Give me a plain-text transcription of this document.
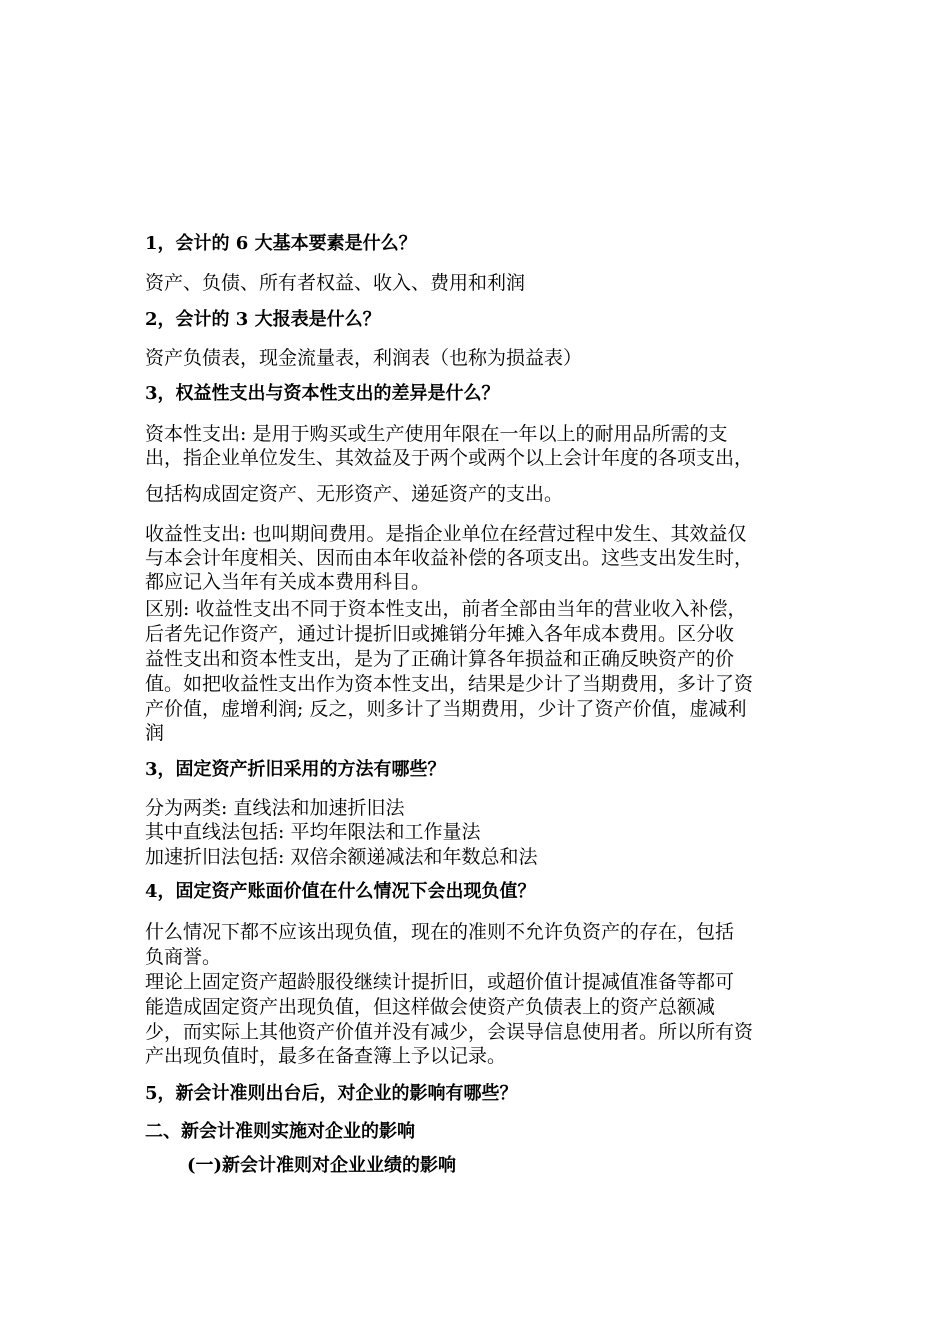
1，会计的 6 大基本要素是什么？
资产、负债、所有者权益、收入、费用和利润
2，会计的 3 大报表是什么？
资产负债表，现金流量表，利润表（也称为损益表）
3，权益性支出与资本性支出的差异是什么？
资本性支出: 是用于购买或生产使用年限在一年以上的耐用品所需的支
出，指企业单位发生、其效益及于两个或两个以上会计年度的各项支出，
包括构成固定资产、无形资产、递延资产的支出。
收益性支出: 也叫期间费用。是指企业单位在经营过程中发生、其效益仅
与本会计年度相关、因而由本年收益补偿的各项支出。这些支出发生时，
都应记入当年有关成本费用科目。
区别: 收益性支出不同于资本性支出，前者全部由当年的营业收入补偿，
后者先记作资产，通过计提折旧或摊销分年摊入各年成本费用。区分收
益性支出和资本性支出，是为了正确计算各年损益和正确反映资产的价
值。如把收益性支出作为资本性支出，结果是少计了当期费用，多计了资
产价值，虚增利润; 反之，则多计了当期费用，少计了资产价值，虚减利
润
3，固定资产折旧采用的方法有哪些？
分为两类: 直线法和加速折旧法
其中直线法包括: 平均年限法和工作量法
加速折旧法包括: 双倍余额递减法和年数总和法
4，固定资产账面价值在什么情况下会出现负值？
什么情况下都不应该出现负值，现在的准则不允许负资产的存在，包括
负商誉。
理论上固定资产超龄服役继续计提折旧，或超价值计提减值准备等都可
能造成固定资产出现负值，但这样做会使资产负债表上的资产总额减
少，而实际上其他资产价值并没有减少，会误导信息使用者。所以所有资
产出现负值时，最多在备查簿上予以记录。
5，新会计准则出台后，对企业的影响有哪些？
二、新会计准则实施对企业的影响
(一)新会计准则对企业业绩的影响
